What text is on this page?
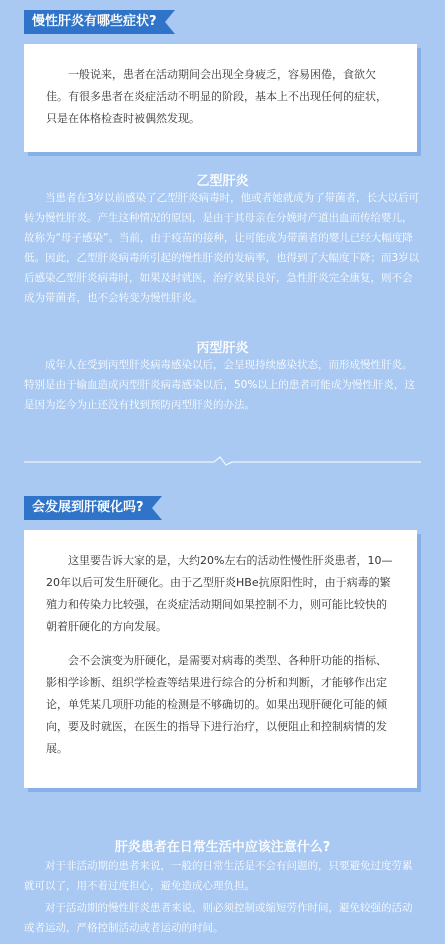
慢性肝炎有哪些症状?

一般说来，患者在活动期间会出现全身疲乏，容易困倦，食欲欠佳。有很多患者在炎症活动不明显的阶段，基本上不出现任何的症状，只是在体格检查时被偶然发现。

乙型肝炎

当患者在3岁以前感染了乙型肝炎病毒时，他或者她就成为了带菌者，长大以后可转为慢性肝炎。产生这种情况的原因，是由于其母亲在分娩时产道出血而传给婴儿，故称为“母子感染”。当前，由于疫苗的接种，让可能成为带菌者的婴儿已经大幅度降低。因此，乙型肝炎病毒所引起的慢性肝炎的发病率，也得到了大幅度下降；而3岁以后感染乙型肝炎病毒时，如果及时就医，治疗效果良好，急性肝炎完全康复，则不会成为带菌者，也不会转变为慢性肝炎。

丙型肝炎

成年人在受到丙型肝炎病毒感染以后，会呈现持续感染状态，而形成慢性肝炎。特别是由于输血造成丙型肝炎病毒感染以后，50%以上的患者可能成为慢性肝炎，这是因为迄今为止还没有找到预防丙型肝炎的办法。

会发展到肝硬化吗?

这里要告诉大家的是，大约20%左右的活动性慢性肝炎患者，10—20年以后可发生肝硬化。由于乙型肝炎HBe抗原阳性时，由于病毒的繁殖力和传染力比较强，在炎症活动期间如果控制不力，则可能比较快的朝着肝硬化的方向发展。

会不会演变为肝硬化，是需要对病毒的类型、各种肝功能的指标、影相学诊断、组织学检查等结果进行综合的分析和判断，才能够作出定论，单凭某几项肝功能的检测是不够确切的。如果出现肝硬化可能的倾向，要及时就医，在医生的指导下进行治疗，以便阻止和控制病情的发展。

肝炎患者在日常生活中应该注意什么?

对于非活动期的患者来说，一般的日常生活是不会有问题的，只要避免过度劳累就可以了，用不着过度担心，避免造成心理负担。

对于活动期的慢性肝炎患者来说，则必须控制或缩短劳作时间，避免较强的活动或者运动，严格控制活动或者运动的时间。
